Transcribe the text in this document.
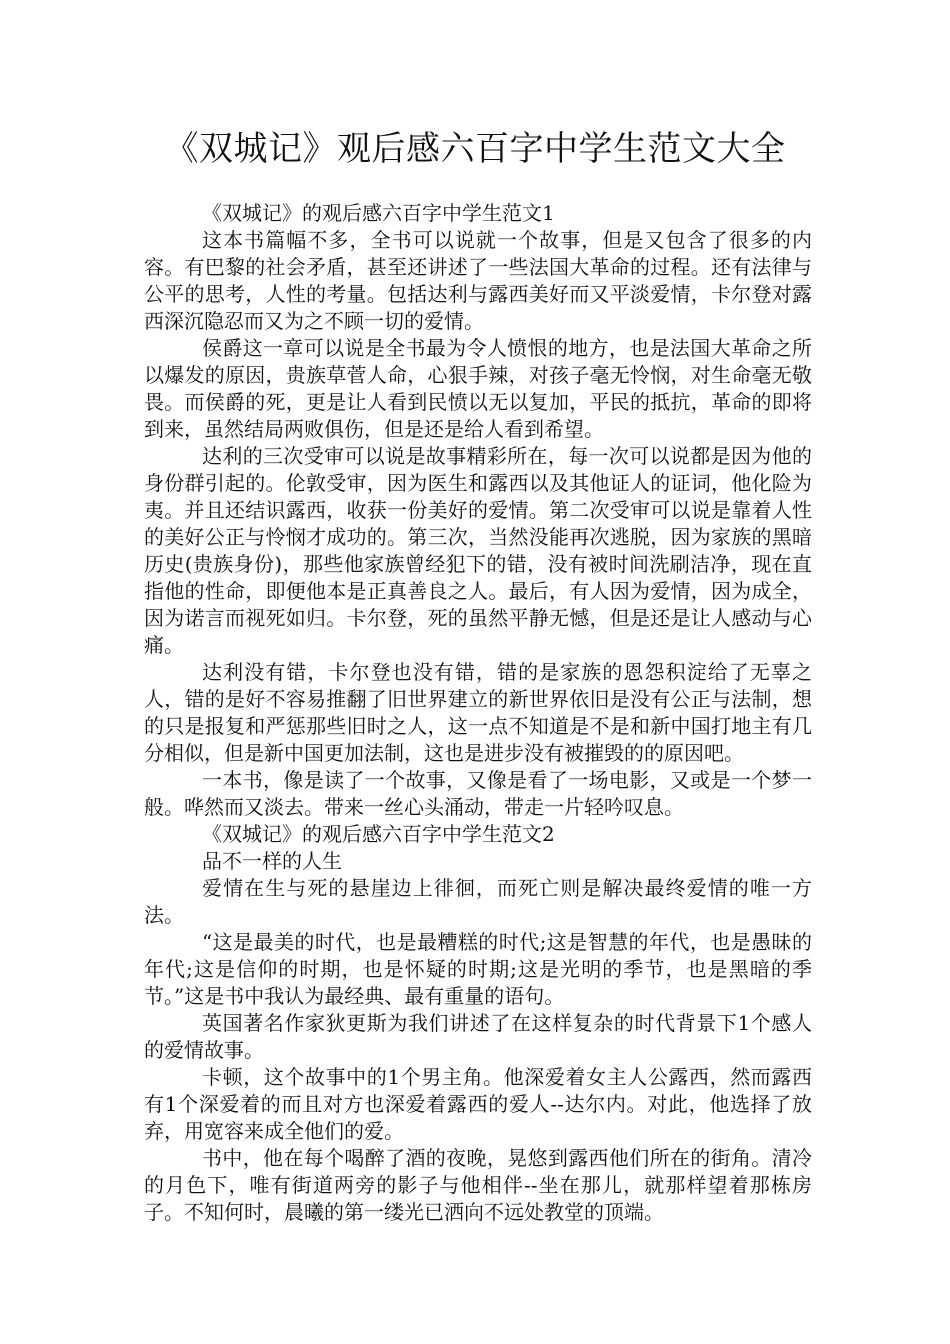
《双城记》观后感六百字中学生范文大全

《双城记》的观后感六百字中学生范文1

这本书篇幅不多，全书可以说就一个故事，但是又包含了很多的内容。有巴黎的社会矛盾，甚至还讲述了一些法国大革命的过程。还有法律与公平的思考，人性的考量。包括达利与露西美好而又平淡爱情，卡尔登对露西深沉隐忍而又为之不顾一切的爱情。

侯爵这一章可以说是全书最为令人愤恨的地方，也是法国大革命之所以爆发的原因，贵族草菅人命，心狠手辣，对孩子毫无怜悯，对生命毫无敬畏。而侯爵的死，更是让人看到民愤以无以复加，平民的抵抗，革命的即将到来，虽然结局两败俱伤，但是还是给人看到希望。

达利的三次受审可以说是故事精彩所在，每一次可以说都是因为他的身份群引起的。伦敦受审，因为医生和露西以及其他证人的证词，他化险为夷。并且还结识露西，收获一份美好的爱情。第二次受审可以说是靠着人性的美好公正与怜悯才成功的。第三次，当然没能再次逃脱，因为家族的黑暗历史(贵族身份)，那些他家族曾经犯下的错，没有被时间洗刷洁净，现在直指他的性命，即便他本是正真善良之人。最后，有人因为爱情，因为成全，因为诺言而视死如归。卡尔登，死的虽然平静无憾，但是还是让人感动与心痛。

达利没有错，卡尔登也没有错，错的是家族的恩怨积淀给了无辜之人，错的是好不容易推翻了旧世界建立的新世界依旧是没有公正与法制，想的只是报复和严惩那些旧时之人，这一点不知道是不是和新中国打地主有几分相似，但是新中国更加法制，这也是进步没有被摧毁的的原因吧。

一本书，像是读了一个故事，又像是看了一场电影，又或是一个梦一般。哗然而又淡去。带来一丝心头涌动，带走一片轻吟叹息。

《双城记》的观后感六百字中学生范文2

品不一样的人生

爱情在生与死的悬崖边上徘徊，而死亡则是解决最终爱情的唯一方法。

“这是最美的时代，也是最糟糕的时代;这是智慧的年代，也是愚昧的年代;这是信仰的时期，也是怀疑的时期;这是光明的季节，也是黑暗的季节。”这是书中我认为最经典、最有重量的语句。

英国著名作家狄更斯为我们讲述了在这样复杂的时代背景下1个感人的爱情故事。

卡顿，这个故事中的1个男主角。他深爱着女主人公露西，然而露西有1个深爱着的而且对方也深爱着露西的爱人--达尔内。对此，他选择了放弃，用宽容来成全他们的爱。

书中，他在每个喝醉了酒的夜晚，晃悠到露西他们所在的街角。清冷的月色下，唯有街道两旁的影子与他相伴--坐在那儿，就那样望着那栋房子。不知何时，晨曦的第一缕光已洒向不远处教堂的顶端。
